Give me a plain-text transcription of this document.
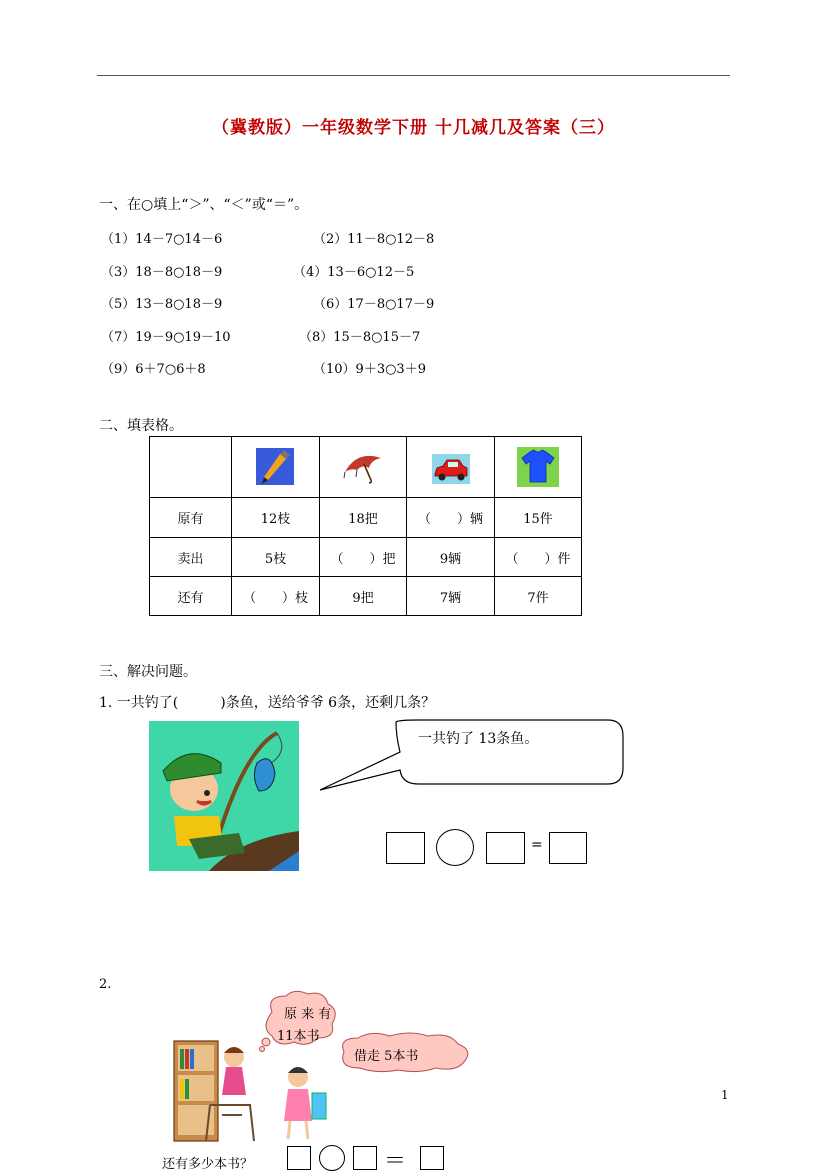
（冀教版）一年级数学下册 十几减几及答案（三）
一、在○填上“＞”、“＜”或“＝”。
（1）14－7○14－6	（2）11－8○12－8
（3）18－8○18－9	（4）13－6○12－5
（5）13－8○18－9	（6）17－8○17－9
（7）19－9○19－10	（8）15－8○15－7
（9）6＋7○6＋8	（10）9＋3○3＋9
二、填表格。

原有	12枝	18把	（　　）辆	15件
卖出	5枝	（　　）把	9辆	（　　）件
还有	（　　）枝	9把	7辆	7件
三、解决问题。
1. 一共钓了(　　　)条鱼，送给爷爷 6条，还剩几条？
一共钓了 13条鱼。
=
2.
原 来 有
11本书
借走 5本书
还有多少本书？	＝
1
